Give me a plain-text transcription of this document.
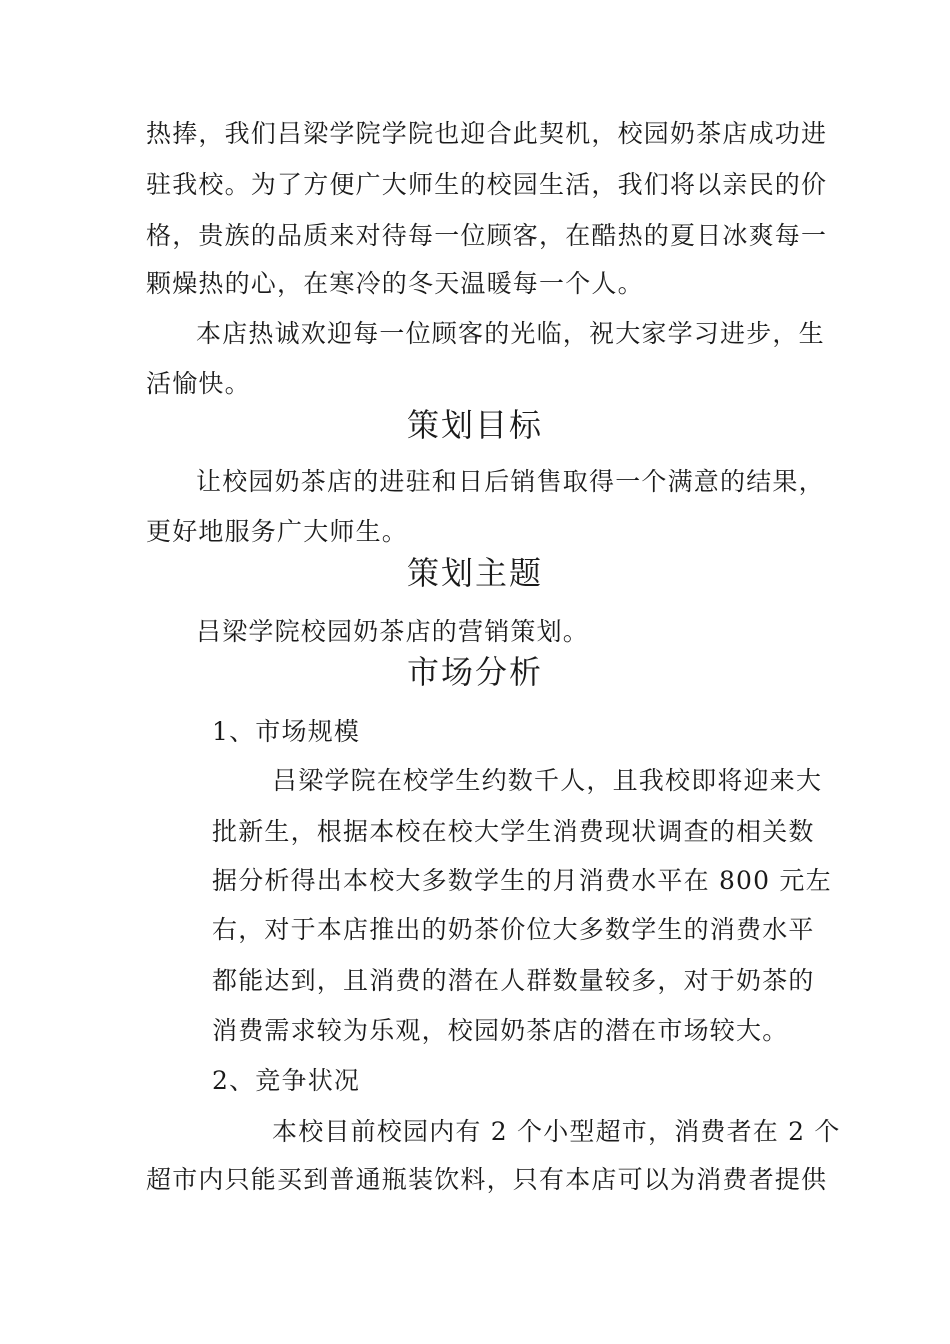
热捧，我们吕梁学院学院也迎合此契机，校园奶茶店成功进
驻我校。为了方便广大师生的校园生活，我们将以亲民的价
格，贵族的品质来对待每一位顾客，在酷热的夏日冰爽每一
颗燥热的心，在寒冷的冬天温暖每一个人。
本店热诚欢迎每一位顾客的光临，祝大家学习进步，生
活愉快。
策划目标
让校园奶茶店的进驻和日后销售取得一个满意的结果，
更好地服务广大师生。
策划主题
吕梁学院校园奶茶店的营销策划。
市场分析
1、市场规模
吕梁学院在校学生约数千人，且我校即将迎来大
批新生，根据本校在校大学生消费现状调查的相关数
据分析得出本校大多数学生的月消费水平在 800 元左
右，对于本店推出的奶茶价位大多数学生的消费水平
都能达到，且消费的潜在人群数量较多，对于奶茶的
消费需求较为乐观，校园奶茶店的潜在市场较大。
2、竞争状况
本校目前校园内有 2 个小型超市，消费者在 2 个
超市内只能买到普通瓶装饮料，只有本店可以为消费者提供
